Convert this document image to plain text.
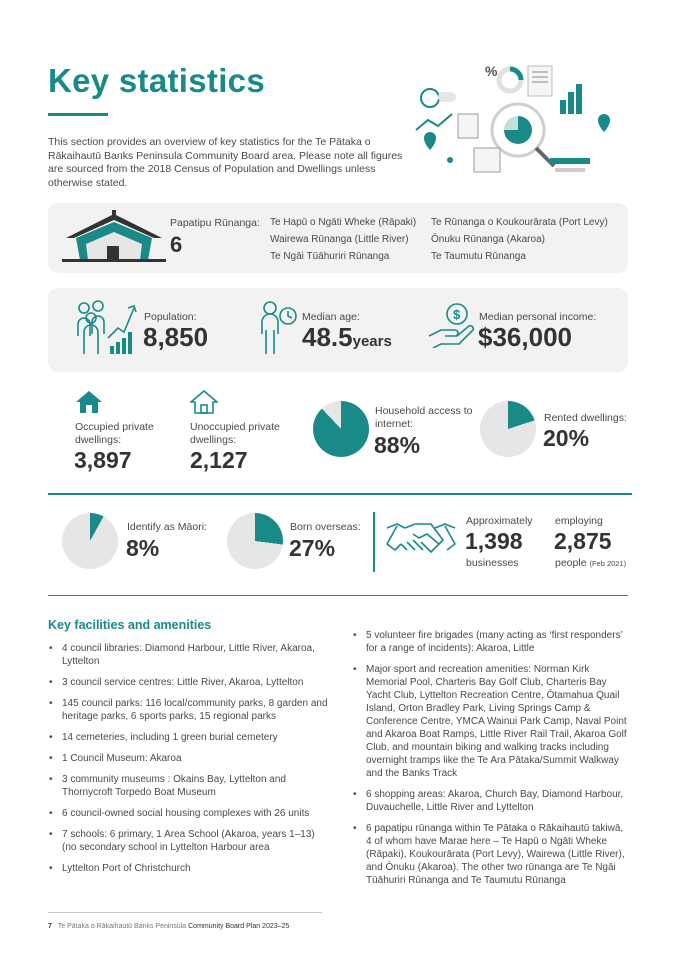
Key statistics
This section provides an overview of key statistics for the Te Pātaka o Rākaihautū Banks Peninsula Community Board area. Please note all figures are sourced from the 2018 Census of Population and Dwellings unless otherwise stated.
%
Papatipu Rūnanga:
6
Te Hapū o Ngāti Wheke (Rāpaki)
Wairewa Rūnanga (Little River)
Te Ngāi Tūāhuriri Rūnanga
Te Rūnanga o Koukourārata (Port Levy)
Ōnuku Rūnanga (Akaroa)
Te Taumutu Rūnanga
Population:
8,850
Median age:
48.5years
$ Median personal income:
$36,000
Occupied private dwellings:
3,897
Unoccupied private dwellings:
2,127
Household access to internet:
88%
Rented dwellings:
20%
Identify as Māori:
8%
Born overseas:
27%
Approximately
1,398
businesses
employing
2,875
people (Feb 2021)
Key facilities and amenities
• 4 council libraries: Diamond Harbour, Little River, Akaroa, Lyttelton
• 3 council service centres: Little River, Akaroa, Lyttelton
• 145 council parks: 116 local/community parks, 8 garden and heritage parks, 6 sports parks, 15 regional parks
• 14 cemeteries, including 1 green burial cemetery
• 1 Council Museum: Akaroa
• 3 community museums : Okains Bay, Lyttelton and Thornycroft Torpedo Boat Museum
• 6 council-owned social housing complexes with 26 units
• 7 schools: 6 primary, 1 Area School (Akaroa, years 1–13) (no secondary school in Lyttelton Harbour area
• Lyttelton Port of Christchurch
• 5 volunteer fire brigades (many acting as ‘first responders’ for a range of incidents): Akaroa, Little
• Major sport and recreation amenities: Norman Kirk Memorial Pool, Charteris Bay Golf Club, Charteris Bay Yacht Club, Lyttelton Recreation Centre, Ōtamahua Quail Island, Orton Bradley Park, Living Springs Camp & Conference Centre, YMCA Wainui Park Camp, Naval Point and Akaroa Boat Ramps, Little River Rail Trail, Akaroa Golf Club, and mountain biking and walking tracks including overnight tramps like the Te Ara Pātaka/Summit Walkway and the Banks Track
• 6 shopping areas: Akaroa, Church Bay, Diamond Harbour, Duvauchelle, Little River and Lyttelton
• 6 papatipu rūnanga within Te Pātaka o Rākaihautū takiwā, 4 of whom have Marae here – Te Hapū o Ngāti Wheke (Rāpaki), Koukourārata (Port Levy), Wairewa (Little River), and Ōnuku (Akaroa). The other two rūnanga are Te Ngāi Tūāhuriri Rūnanga and Te Taumutu Rūnanga
7 Te Pātaka o Rākaihautū Banks Peninsula Community Board Plan 2023–25
